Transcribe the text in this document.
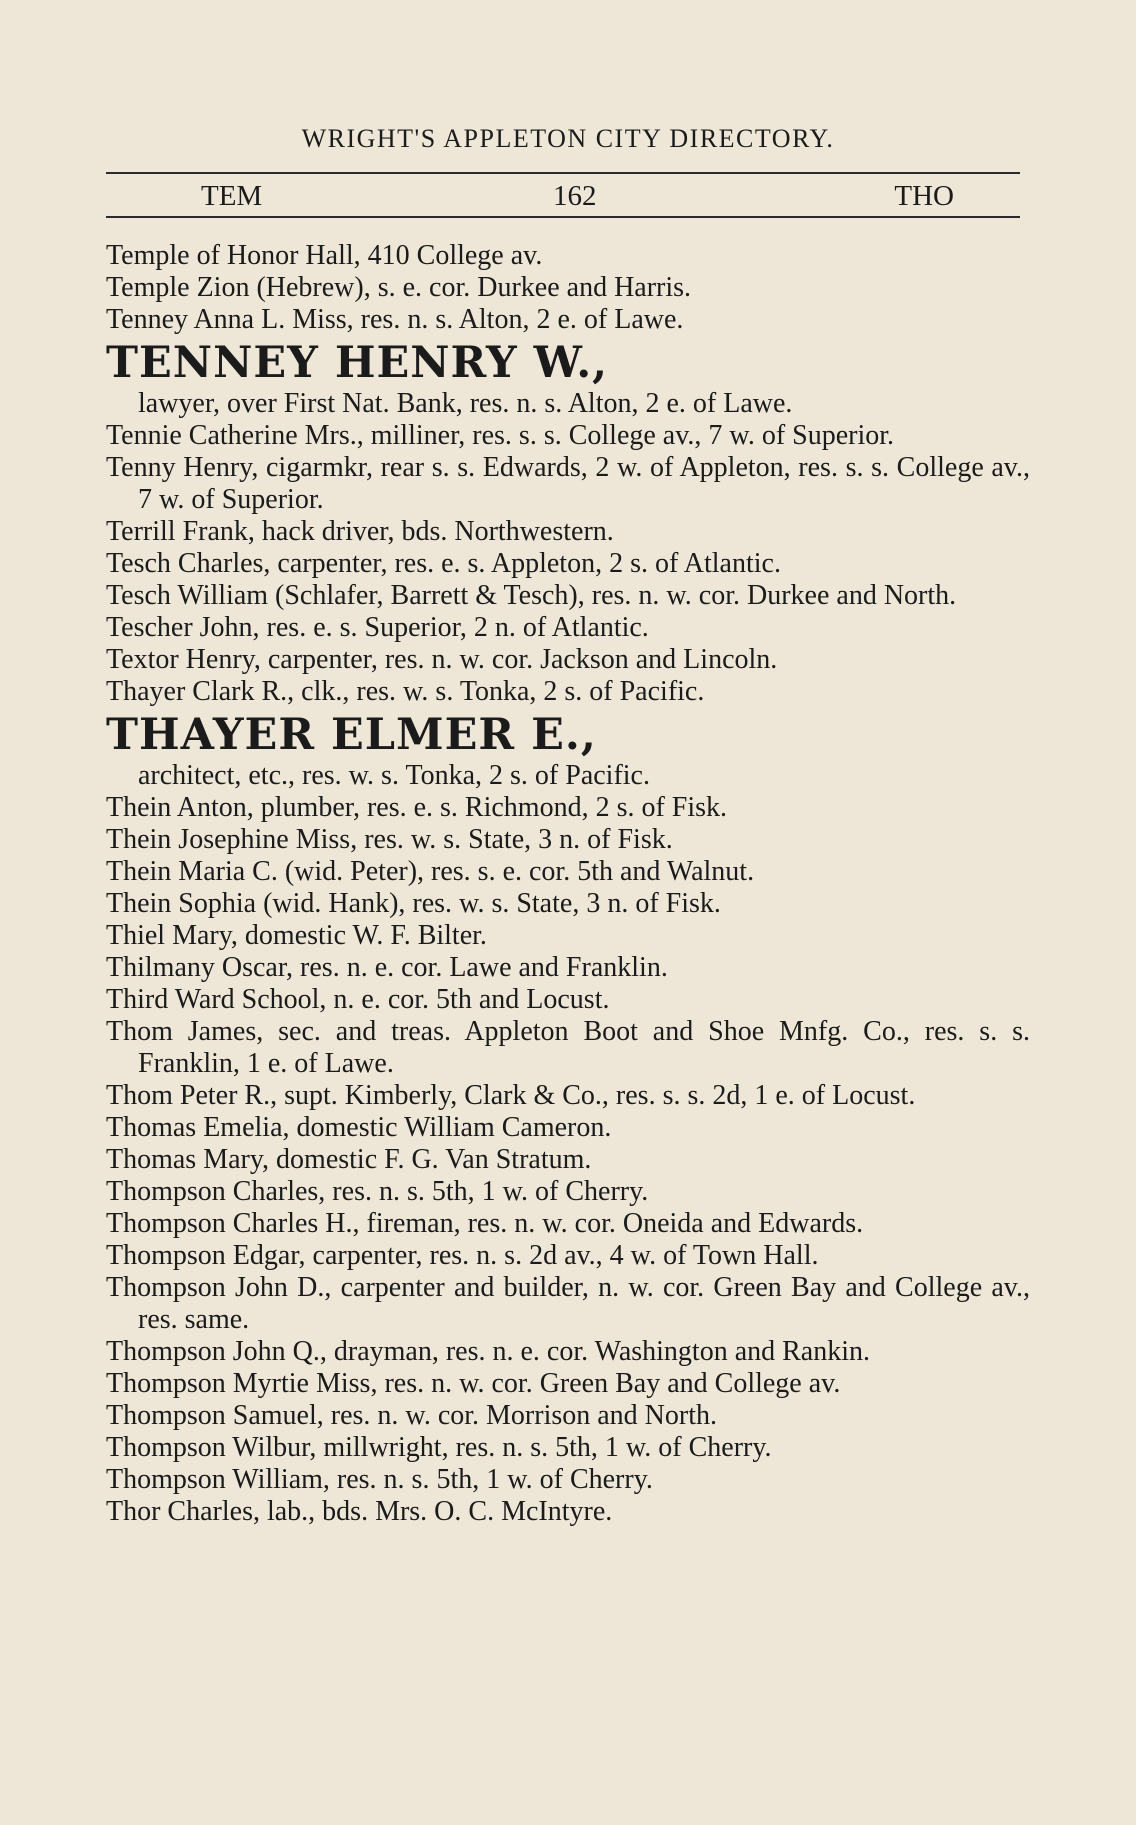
WRIGHT'S APPLETON CITY DIRECTORY.
TEM	162	THO
Temple of Honor Hall, 410 College av.
Temple Zion (Hebrew), s. e. cor. Durkee and Harris.
Tenney Anna L. Miss, res. n. s. Alton, 2 e. of Lawe.
TENNEY HENRY W.,
lawyer, over First Nat. Bank, res. n. s. Alton, 2 e. of Lawe.
Tennie Catherine Mrs., milliner, res. s. s. College av., 7 w. of Superior.
Tenny Henry, cigarmkr, rear s. s. Edwards, 2 w. of Appleton, res. s. s. College av., 7 w. of Superior.
Terrill Frank, hack driver, bds. Northwestern.
Tesch Charles, carpenter, res. e. s. Appleton, 2 s. of Atlantic.
Tesch William (Schlafer, Barrett & Tesch), res. n. w. cor. Durkee and North.
Tescher John, res. e. s. Superior, 2 n. of Atlantic.
Textor Henry, carpenter, res. n. w. cor. Jackson and Lincoln.
Thayer Clark R., clk., res. w. s. Tonka, 2 s. of Pacific.
THAYER ELMER E.,
architect, etc., res. w. s. Tonka, 2 s. of Pacific.
Thein Anton, plumber, res. e. s. Richmond, 2 s. of Fisk.
Thein Josephine Miss, res. w. s. State, 3 n. of Fisk.
Thein Maria C. (wid. Peter), res. s. e. cor. 5th and Walnut.
Thein Sophia (wid. Hank), res. w. s. State, 3 n. of Fisk.
Thiel Mary, domestic W. F. Bilter.
Thilmany Oscar, res. n. e. cor. Lawe and Franklin.
Third Ward School, n. e. cor. 5th and Locust.
Thom James, sec. and treas. Appleton Boot and Shoe Mnfg. Co., res. s. s. Franklin, 1 e. of Lawe.
Thom Peter R., supt. Kimberly, Clark & Co., res. s. s. 2d, 1 e. of Locust.
Thomas Emelia, domestic William Cameron.
Thomas Mary, domestic F. G. Van Stratum.
Thompson Charles, res. n. s. 5th, 1 w. of Cherry.
Thompson Charles H., fireman, res. n. w. cor. Oneida and Edwards.
Thompson Edgar, carpenter, res. n. s. 2d av., 4 w. of Town Hall.
Thompson John D., carpenter and builder, n. w. cor. Green Bay and College av., res. same.
Thompson John Q., drayman, res. n. e. cor. Washington and Rankin.
Thompson Myrtie Miss, res. n. w. cor. Green Bay and College av.
Thompson Samuel, res. n. w. cor. Morrison and North.
Thompson Wilbur, millwright, res. n. s. 5th, 1 w. of Cherry.
Thompson William, res. n. s. 5th, 1 w. of Cherry.
Thor Charles, lab., bds. Mrs. O. C. McIntyre.
